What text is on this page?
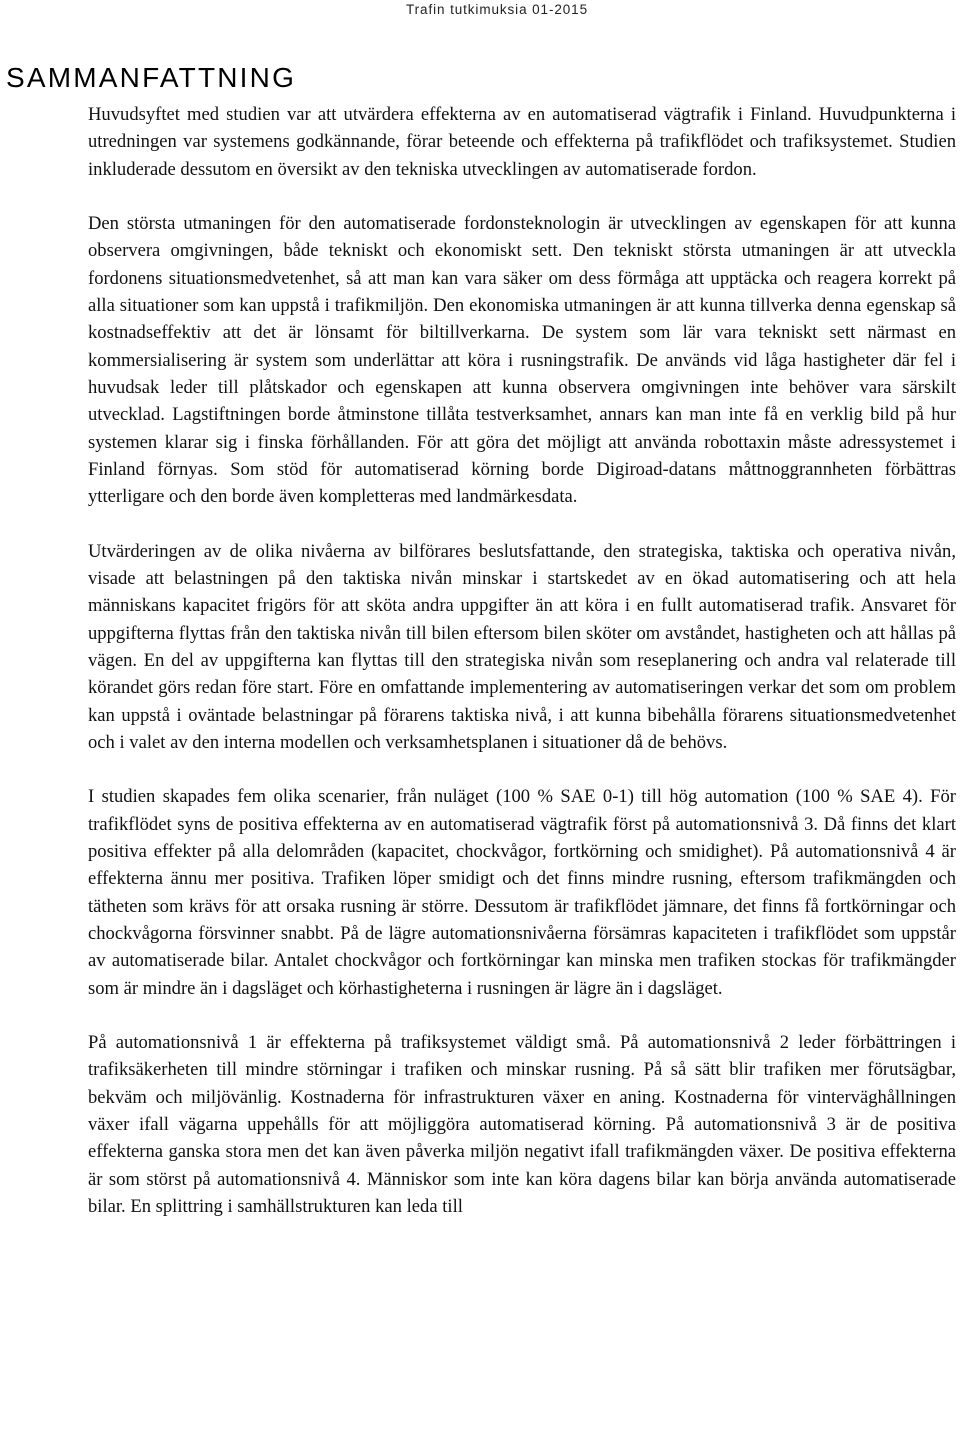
Trafin tutkimuksia 01-2015
SAMMANFATTNING

Huvudsyftet med studien var att utvärdera effekterna av en automatiserad vägtrafik i Finland. Huvudpunkterna i utredningen var systemens godkännande, förar beteende och effekterna på trafikflödet och trafiksystemet. Studien inkluderade dessutom en översikt av den tekniska utvecklingen av automatiserade fordon.

Den största utmaningen för den automatiserade fordonsteknologin är utvecklingen av egenskapen för att kunna observera omgivningen, både tekniskt och ekonomiskt sett. Den tekniskt största utmaningen är att utveckla fordonens situationsmedvetenhet, så att man kan vara säker om dess förmåga att upptäcka och reagera korrekt på alla situationer som kan uppstå i trafikmiljön. Den ekonomiska utmaningen är att kunna tillverka denna egenskap så kostnadseffektiv att det är lönsamt för biltillverkarna. De system som lär vara tekniskt sett närmast en kommersialisering är system som underlättar att köra i rusningstrafik. De används vid låga hastigheter där fel i huvudsak leder till plåtskador och egenskapen att kunna observera omgivningen inte behöver vara särskilt utvecklad. Lagstiftningen borde åtminstone tillåta testverksamhet, annars kan man inte få en verklig bild på hur systemen klarar sig i finska förhållanden. För att göra det möjligt att använda robottaxin måste adressystemet i Finland förnyas. Som stöd för automatiserad körning borde Digiroad-datans måttnoggrannheten förbättras ytterligare och den borde även kompletteras med landmärkesdata.

Utvärderingen av de olika nivåerna av bilförares beslutsfattande, den strategiska, taktiska och operativa nivån, visade att belastningen på den taktiska nivån minskar i startskedet av en ökad automatisering och att hela människans kapacitet frigörs för att sköta andra uppgifter än att köra i en fullt automatiserad trafik. Ansvaret för uppgifterna flyttas från den taktiska nivån till bilen eftersom bilen sköter om avståndet, hastigheten och att hållas på vägen. En del av uppgifterna kan flyttas till den strategiska nivån som reseplanering och andra val relaterade till körandet görs redan före start. Före en omfattande implementering av automatiseringen verkar det som om problem kan uppstå i oväntade belastningar på förarens taktiska nivå, i att kunna bibehålla förarens situationsmedvetenhet och i valet av den interna modellen och verksamhetsplanen i situationer då de behövs.

I studien skapades fem olika scenarier, från nuläget (100 % SAE 0-1) till hög automation (100 % SAE 4). För trafikflödet syns de positiva effekterna av en automatiserad vägtrafik först på automationsnivå 3. Då finns det klart positiva effekter på alla delområden (kapacitet, chockvågor, fortkörning och smidighet). På automationsnivå 4 är effekterna ännu mer positiva. Trafiken löper smidigt och det finns mindre rusning, eftersom trafikmängden och tätheten som krävs för att orsaka rusning är större. Dessutom är trafikflödet jämnare, det finns få fortkörningar och chockvågorna försvinner snabbt. På de lägre automationsnivåerna försämras kapaciteten i trafikflödet som uppstår av automatiserade bilar. Antalet chockvågor och fortkörningar kan minska men trafiken stockas för trafikmängder som är mindre än i dagsläget och körhastigheterna i rusningen är lägre än i dagsläget.

På automationsnivå 1 är effekterna på trafiksystemet väldigt små. På automationsnivå 2 leder förbättringen i trafiksäkerheten till mindre störningar i trafiken och minskar rusning. På så sätt blir trafiken mer förutsägbar, bekväm och miljövänlig. Kostnaderna för infrastrukturen växer en aning. Kostnaderna för vinterväghållningen växer ifall vägarna uppehålls för att möjliggöra automatiserad körning. På automationsnivå 3 är de positiva effekterna ganska stora men det kan även påverka miljön negativt ifall trafikmängden växer. De positiva effekterna är som störst på automationsnivå 4. Människor som inte kan köra dagens bilar kan börja använda automatiserade bilar. En splittring i samhällstrukturen kan leda till
